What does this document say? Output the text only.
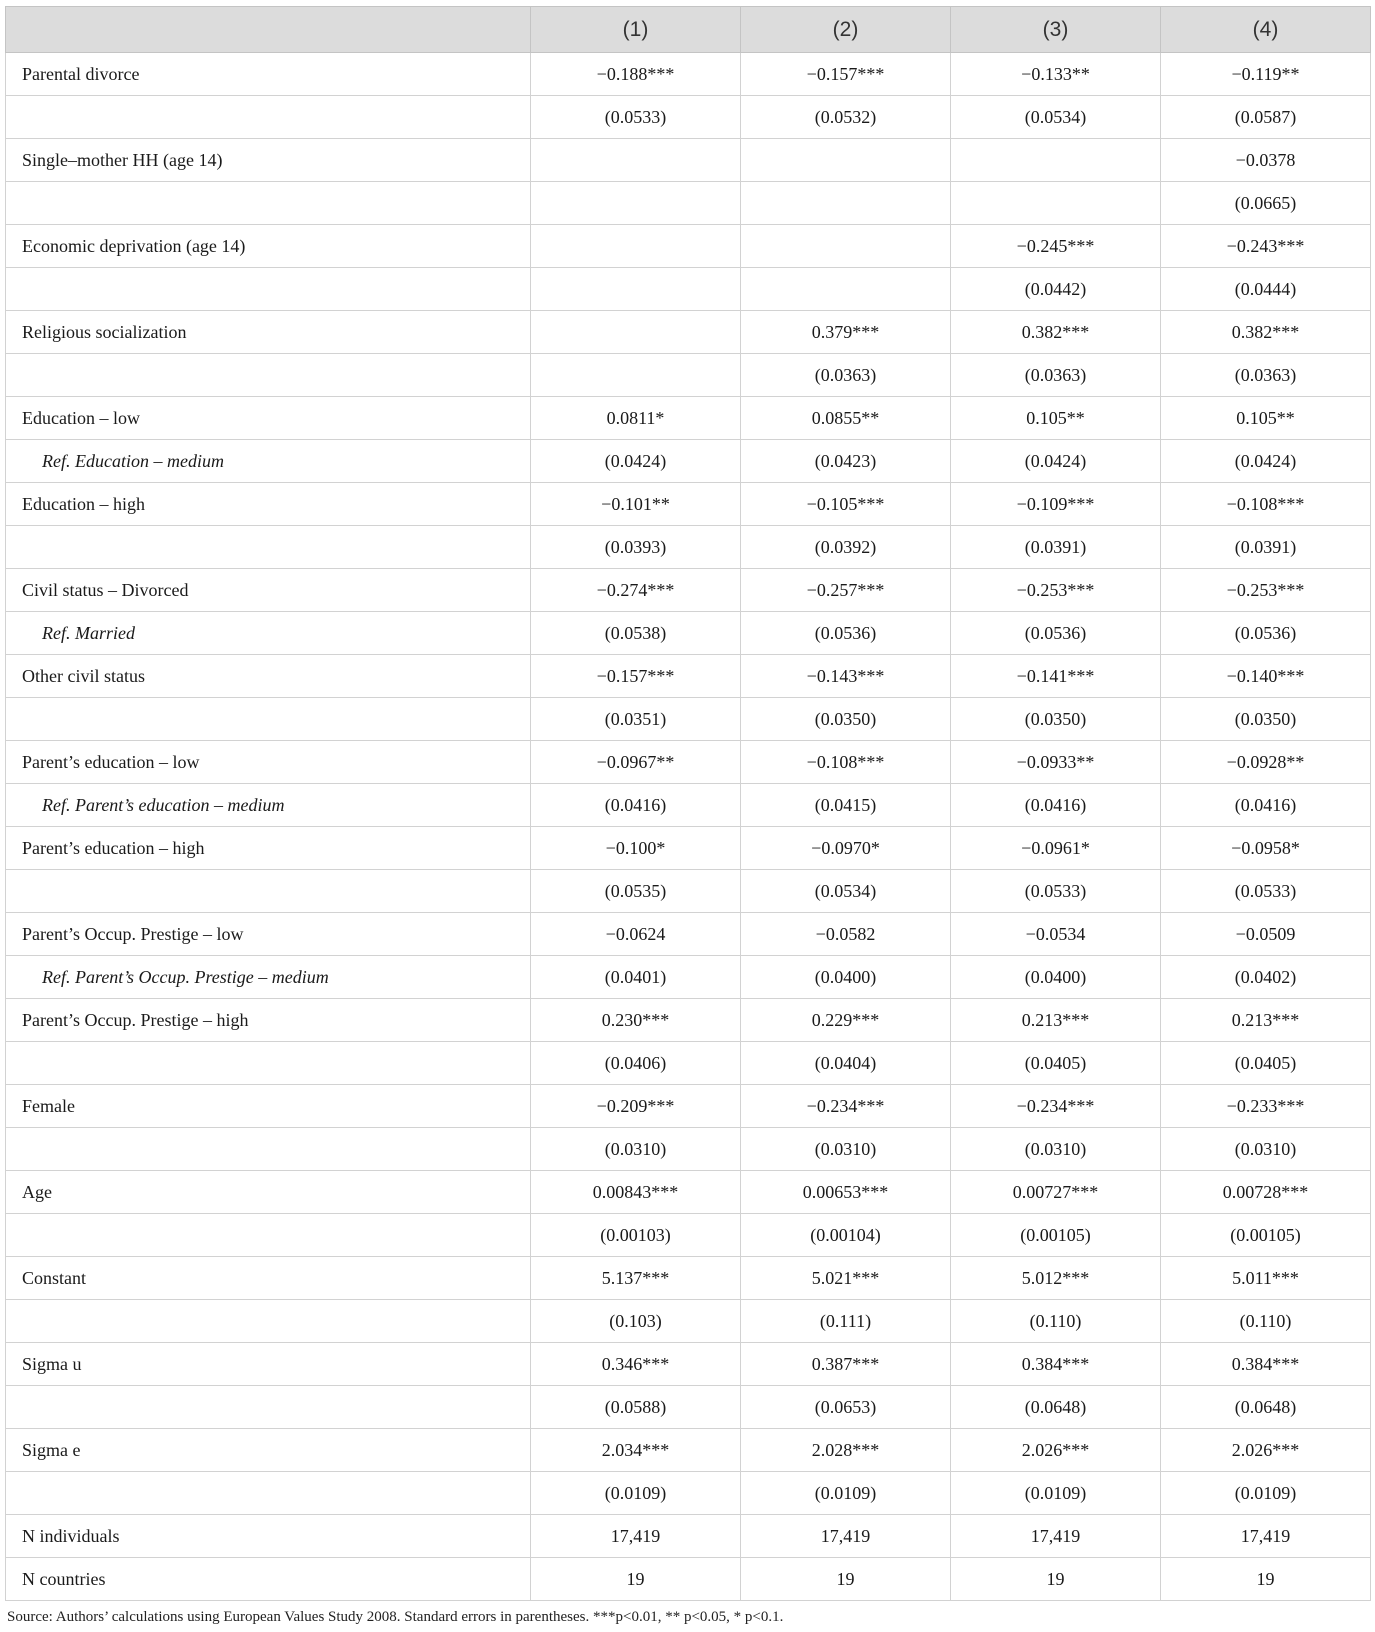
	(1)	(2)	(3)	(4)
Parental divorce	−0.188***	−0.157***	−0.133**	−0.119**
	(0.0533)	(0.0532)	(0.0534)	(0.0587)
Single–mother HH (age 14)				−0.0378
				(0.0665)
Economic deprivation (age 14)			−0.245***	−0.243***
			(0.0442)	(0.0444)
Religious socialization		0.379***	0.382***	0.382***
		(0.0363)	(0.0363)	(0.0363)
Education – low	0.0811*	0.0855**	0.105**	0.105**
Ref. Education – medium	(0.0424)	(0.0423)	(0.0424)	(0.0424)
Education – high	−0.101**	−0.105***	−0.109***	−0.108***
	(0.0393)	(0.0392)	(0.0391)	(0.0391)
Civil status – Divorced	−0.274***	−0.257***	−0.253***	−0.253***
Ref. Married	(0.0538)	(0.0536)	(0.0536)	(0.0536)
Other civil status	−0.157***	−0.143***	−0.141***	−0.140***
	(0.0351)	(0.0350)	(0.0350)	(0.0350)
Parent’s education – low	−0.0967**	−0.108***	−0.0933**	−0.0928**
Ref. Parent’s education – medium	(0.0416)	(0.0415)	(0.0416)	(0.0416)
Parent’s education – high	−0.100*	−0.0970*	−0.0961*	−0.0958*
	(0.0535)	(0.0534)	(0.0533)	(0.0533)
Parent’s Occup. Prestige – low	−0.0624	−0.0582	−0.0534	−0.0509
Ref. Parent’s Occup. Prestige – medium	(0.0401)	(0.0400)	(0.0400)	(0.0402)
Parent’s Occup. Prestige – high	0.230***	0.229***	0.213***	0.213***
	(0.0406)	(0.0404)	(0.0405)	(0.0405)
Female	−0.209***	−0.234***	−0.234***	−0.233***
	(0.0310)	(0.0310)	(0.0310)	(0.0310)
Age	0.00843***	0.00653***	0.00727***	0.00728***
	(0.00103)	(0.00104)	(0.00105)	(0.00105)
Constant	5.137***	5.021***	5.012***	5.011***
	(0.103)	(0.111)	(0.110)	(0.110)
Sigma u	0.346***	0.387***	0.384***	0.384***
	(0.0588)	(0.0653)	(0.0648)	(0.0648)
Sigma e	2.034***	2.028***	2.026***	2.026***
	(0.0109)	(0.0109)	(0.0109)	(0.0109)
N individuals	17,419	17,419	17,419	17,419
N countries	19	19	19	19
Source: Authors’ calculations using European Values Study 2008. Standard errors in parentheses. ***p<0.01, ** p<0.05, * p<0.1.
